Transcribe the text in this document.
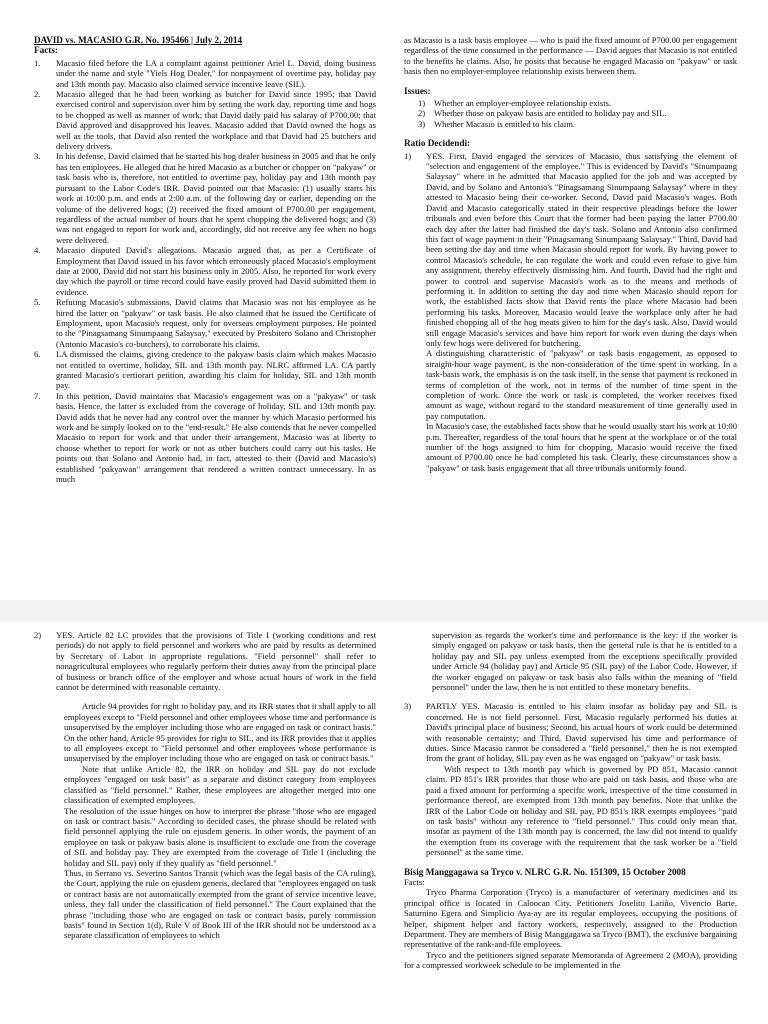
DAVID vs. MACASIO G.R. No. 195466 | July 2, 2014

Facts:

1.	Macasio filed before the LA a complaint against petitioner Ariel L. David, doing business under the name and style "Yiels Hog Dealer," for nonpayment of overtime pay, holiday pay and 13th month pay. Macasio also claimed service incentive leave (SIL).

2.	Macasio alleged that he had been working as butcher for David since 1995; that David exercised control and supervision over him by setting the work day, reporting time and hogs to be chopped as well as manner of work; that David daily paid his salaray of P700.00; that David approved and disapproved his leaves. Macasio added that David owned the hogs as well as the tools, that David also rented the workplace and that David had 25 butchers and delivery drivers.

3.	In his defense, David claimed that he started his hog dealer business in 2005 and that he only has ten employees. He alleged that he hired Macasio as a butcher or chopper on "pakyaw" or task basis who is, therefore, not entitled to overtime pay, holiday pay and 13th month pay pursuant to the Labor Code's IRR. David pointed out that Macasio: (1) usually starts his work at 10:00 p.m. and ends at 2:00 a.m. of the following day or earlier, depending on the volume of the delivered hogs; (2) received the fixed amount of P700.00 per engagement, regardless of the actual number of hours that he spent chopping the delivered hogs; and (3) was not engaged to report for work and, accordingly, did not receive any fee when no hogs were delivered.

4.	Macasio disputed David's allegations. Macasio argued that, as per a Certificate of Employment that David issued in his favor which erroneously placed Macasio's employment date at 2000, David did not start his business only in 2005. Also, he reported for work every day which the payroll or time record could have easily proved had David submitted them in evidence.

5.	Refuting Macasio's submissions, David claims that Macasio was not his employee as he hired the latter on "pakyaw" or task basis. He also claimed that he issued the Certificate of Employment, upon Macasio's request, only for overseas employment purposes. He pointed to the "Pinagsamang Sinumpaang Salaysay," executed by Presbitero Solano and Christopher (Antonio Macasio's co-butchers), to corroborate his claims.

6.	LA dismissed the claims, giving credence to the pakyaw basis claim which makes Macasio not entitled to overtime, holiday, SIL and 13th month pay. NLRC affirmed LA. CA partly granted Macasio's certiorari petition, awarding his claim for holiday, SIL and 13th month pay.

7.	In this petition, David maintains that Macasio's engagement was on a "pakyaw" or task basis. Hence, the latter is excluded from the coverage of holiday, SIL and 13th month pay. David adds that he never had any control over the manner by which Macasio performed his work and he simply looked on to the "end-result." He also contends that he never compelled Macasio to report for work and that under their arrangement, Macasio was at liberty to choose whether to report for work or not as other butchers could carry out his tasks. He points out that Solano and Antonio had, in fact, attested to their (David and Macasio's) established "pakyawan" arrangement that rendered a written contract unnecessary. In as much

as Macasio is a task basis employee — who is paid the fixed amount of P700.00 per engagement regardless of the time consumed in the performance — David argues that Macasio is not entitled to the benefits he claims. Also, he posits that because he engaged Macasio on "pakyaw" or task basis then no employer-employee relationship exists between them.

Issues:

1)	Whether an employer-employee relationship exists.

2)	Whether those on pakyaw basis are entitled to holiday pay and SIL.

3)	Whether Macasio is entitled to his claim.

Ratio Decidendi:

1)	YES. First, David engaged the services of Macasio, thus satisfying the element of "selection and engagement of the employee." This is evidenced by David's "Sinumpaang Salaysay" where in he admitted that Macasio applied for the job and was accepted by David, and by Solano and Antonio's "Pinagsamang Sinumpaang Salaysay" where in they attested to Macasio being their co-worker. Second, David paid Macasio's wages. Both David and Macasio categorically stated in their respective pleadings before the lower tribunals and even before this Court that the former had been paying the latter P700.00 each day after the latter had finished the day's task. Solano and Antonio also confirmed this fact of wage payment in their "Pinagsamang Sinumpaang Salaysay." Third, David had been setting the day and time when Macasio should report for work. By having power to control Macasio's schedule, he can regulate the work and could even refuse to give him any assignment, thereby effectively dismissing him. And fourth, David had the right and power to control and supervise Macasio's work as to the means and methods of performing it. In addition to setting the day and time when Macasio should report for work, the established facts show that David rents the place where Macasio had been performing his tasks. Moreover, Macasio would leave the workplace only after he had finished chopping all of the hog meats given to him for the day's task. Also, David would still engage Macasio's services and have him report for work even during the days when only few hogs were delivered for butchering.

A distinguishing characteristic of "pakyaw" or task basis engagement, as opposed to straight-hour wage payment, is the non-consideration of the time spent in working. In a task-basis work, the emphasis is on the task itself, in the sense that payment is reckoned in terms of completion of the work, not in terms of the number of time spent in the completion of work. Once the work or task is completed, the worker receives fixed amount as wage, without regard to the standard measurement of time generally used in pay computation.

In Macasio's case, the established facts show that he would usually start his work at 10:00 p.m. Thereafter, regardless of the total hours that he spent at the workplace or of the total number of the hogs assigned to him for chopping, Macasio would receive the fixed amount of P700.00 once he had completed his task. Clearly, these circumstances show a "pakyaw" or task basis engagement that all three tribunals uniformly found.

2)	YES. Article 82 LC provides that the provisions of Title I (working conditions and rest periods) do not apply to field personnel and workers who are paid by results as determined by Secretary of Labor in appropriate regulations. "Field personnel" shall refer to nonagricultural employees who regularly perform their duties away from the principal place of business or branch office of the employer and whose actual hours of work in the field cannot be determined with reasonable certainty.

Article 94 provides for right to holiday pay, and its IRR states that it shall apply to all employees except to "Field personnel and other employees whose time and performance is unsupervised by the employer including those who are engaged on task or contract basis." On the other hand, Article 95 provides for right to SIL, and its IRR provides that it applies to all employees except to "Field personnel and other employees whose performance is unsupervised by the employer including those who are engaged on task or contract basis."

Note that unlike Article 82, the IRR on holiday and SIL pay do not exclude employees "engaged on task basis" as a separate and distinct category from employees classified as "field personnel." Rather, these employees are altogether merged into one classification of exempted employees.

The resolution of the issue hinges on how to interpret the phrase "those who are engaged on task or contract basis." According to decided cases, the phrase should be related with field personnel applying the rule on ejusdem generis. In other words, the payment of an employee on task or pakyaw basis alone is insufficient to exclude one from the coverage of SIL and holiday pay. They are exempted from the coverage of Title I (including the holiday and SIL pay) only if they qualify as "field personnel."

Thus, in Serrano vs. Severino Santos Transit (which was the legal basis of the CA ruling), the Court, applying the rule on ejusdem generis, declared that "employees engaged on task or contract basis are not automatically exempted from the grant of service incentive leave, unless, they fall under the classification of field personnel." The Court explained that the phrase "including those who are engaged on task or contract basis, purely commission basis" found in Section 1(d), Rule V of Book III of the IRR should not be understood as a separate classification of employees to which

supervision as regards the worker's time and performance is the key: if the worker is simply engaged on pakyaw or task basis, then the general rule is that he is entitled to a holiday pay and SIL pay unless exempted from the exceptions specifically provided under Article 94 (holiday pay) and Article 95 (SIL pay) of the Labor Code. However, if the worker engaged on pakyaw or task basis also falls within the meaning of "field personnel" under the law, then he is not entitled to these monetary benefits.

3)	PARTLY YES. Macasio is entitled to his claim insofar as holiday pay and SIL is concerned. He is not field personnel. First, Macasio regularly performed his duties at David's principal place of business; Second, his actual hours of work could be determined with reasonable certainty; and Third, David supervised his time and performance of duties. Since Macasio cannot be considered a "field personnel," then he is not exempted from the grant of holiday, SIL pay even as he was engaged on "pakyaw" or task basis.

With respect to 13th month pay which is governed by PD 851, Macasio cannot claim. PD 851's IRR provides that those who are paid on task basis, and those who are paid a fixed amount for performing a specific work, irrespective of the time consumed in performance thereof, are exempted from 13th month pay benefits. Note that unlike the IRR of the Labor Code on holiday and SIL pay, PD 851's IRR exempts employees "paid on task basis" without any reference to "field personnel." This could only mean that, insofar as payment of the 13th month pay is concerned, the law did not intend to qualify the exemption from its coverage with the requirement that the task worker be a "field personnel" at the same time.

Bisig Manggagawa sa Tryco v. NLRC G.R. No. 151309, 15 October 2008

Facts:

Tryco Pharma Corporation (Tryco) is a manufacturer of veterinary medicines and its principal office is located in Caloocan City. Petitioners Joselito Lariño, Vivencio Barte, Saturnino Egera and Simplicio Aya-ay are its regular employees, occupying the positions of helper, shipment helper and factory workers, respectively, assigned to the Production Department. They are members of Bisig Manggagawa sa Tryco (BMT), the exclusive bargaining representative of the rank-and-file employees.

Tryco and the petitioners signed separate Memoranda of Agreement 2 (MOA), providing for a compressed workweek schedule to be implemented in the
